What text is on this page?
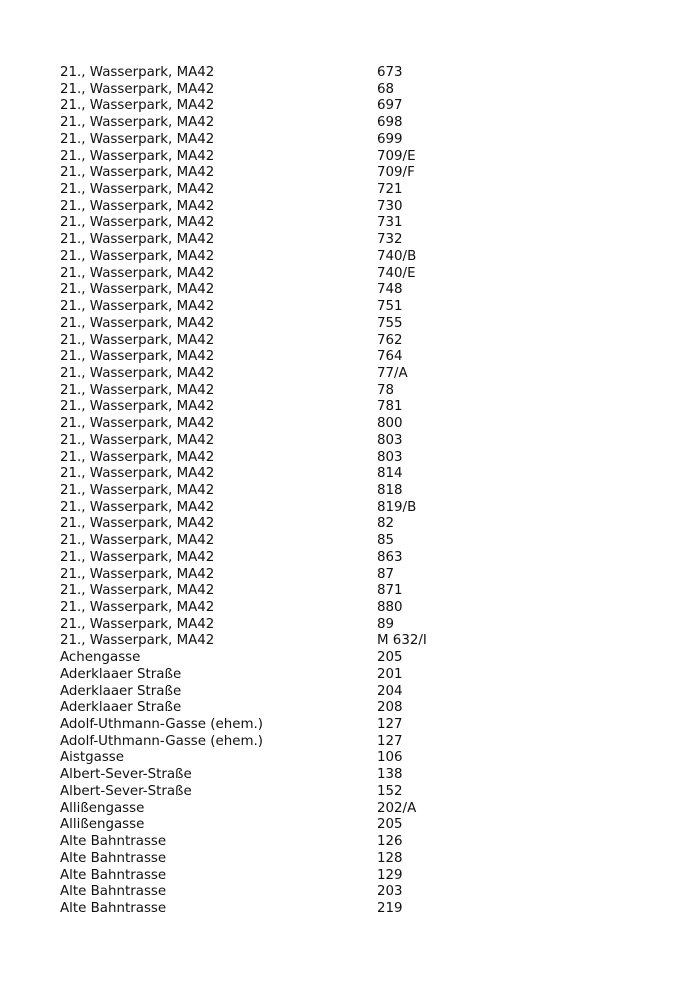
21., Wasserpark, MA42	673
21., Wasserpark, MA42	68
21., Wasserpark, MA42	697
21., Wasserpark, MA42	698
21., Wasserpark, MA42	699
21., Wasserpark, MA42	709/E
21., Wasserpark, MA42	709/F
21., Wasserpark, MA42	721
21., Wasserpark, MA42	730
21., Wasserpark, MA42	731
21., Wasserpark, MA42	732
21., Wasserpark, MA42	740/B
21., Wasserpark, MA42	740/E
21., Wasserpark, MA42	748
21., Wasserpark, MA42	751
21., Wasserpark, MA42	755
21., Wasserpark, MA42	762
21., Wasserpark, MA42	764
21., Wasserpark, MA42	77/A
21., Wasserpark, MA42	78
21., Wasserpark, MA42	781
21., Wasserpark, MA42	800
21., Wasserpark, MA42	803
21., Wasserpark, MA42	803
21., Wasserpark, MA42	814
21., Wasserpark, MA42	818
21., Wasserpark, MA42	819/B
21., Wasserpark, MA42	82
21., Wasserpark, MA42	85
21., Wasserpark, MA42	863
21., Wasserpark, MA42	87
21., Wasserpark, MA42	871
21., Wasserpark, MA42	880
21., Wasserpark, MA42	89
21., Wasserpark, MA42	M 632/I
Achengasse	205
Aderklaaer Straße	201
Aderklaaer Straße	204
Aderklaaer Straße	208
Adolf-Uthmann-Gasse (ehem.)	127
Adolf-Uthmann-Gasse (ehem.)	127
Aistgasse	106
Albert-Sever-Straße	138
Albert-Sever-Straße	152
Allißengasse	202/A
Allißengasse	205
Alte Bahntrasse	126
Alte Bahntrasse	128
Alte Bahntrasse	129
Alte Bahntrasse	203
Alte Bahntrasse	219
